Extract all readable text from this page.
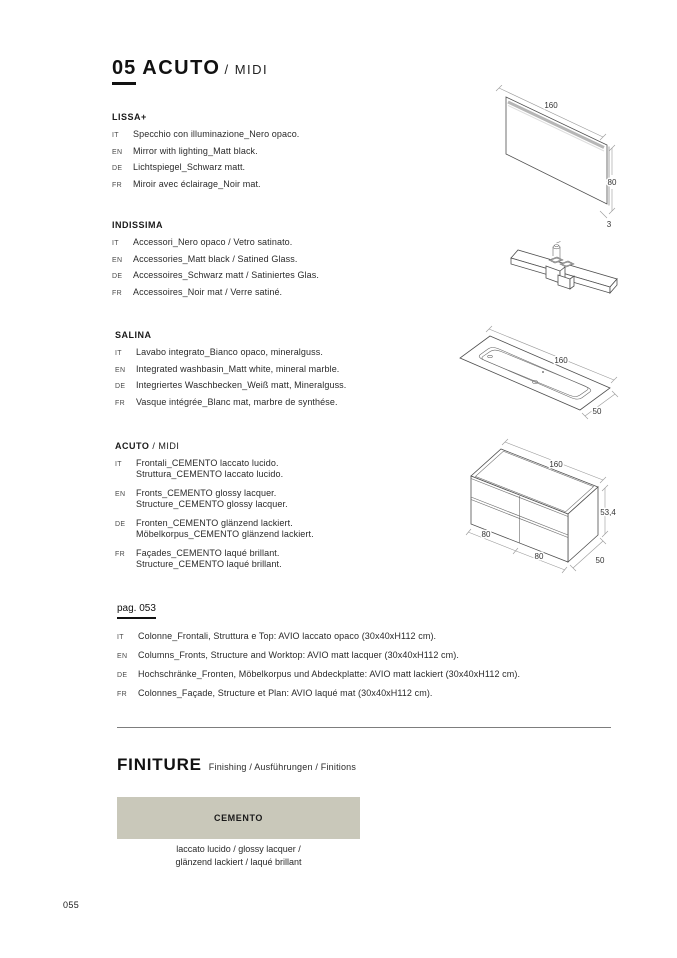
05 ACUTO / MIDI
LISSA+
IT	Specchio con illuminazione_Nero opaco.
EN	Mirror with lighting_Matt black.
DE	Lichtspiegel_Schwarz matt.
FR	Miroir avec éclairage_Noir mat.
160
80
3
INDISSIMA
IT	Accessori_Nero opaco / Vetro satinato.
EN	Accessories_Matt black / Satined Glass.
DE	Accessoires_Schwarz matt / Satiniertes Glas.
FR	Accessoires_Noir mat / Verre satiné.
SALINA
IT	Lavabo integrato_Bianco opaco, mineralguss.
EN	Integrated washbasin_Matt white, mineral marble.
DE	Integriertes Waschbecken_Weiß matt, Mineralguss.
FR	Vasque intégrée_Blanc mat, marbre de synthése.
160
50
ACUTO / MIDI
IT	Frontali_CEMENTO laccato lucido.
Struttura_CEMENTO laccato lucido.
EN	Fronts_CEMENTO glossy lacquer.
Structure_CEMENTO glossy lacquer.
DE	Fronten_CEMENTO glänzend lackiert.
Möbelkorpus_CEMENTO glänzend lackiert.
FR	Façades_CEMENTO laqué brillant.
Structure_CEMENTO laqué brillant.
160
80
80
53,4
50
pag. 053
IT	Colonne_Frontali, Struttura e Top: AVIO laccato opaco (30x40xH112 cm).
EN	Columns_Fronts, Structure and Worktop: AVIO matt lacquer (30x40xH112 cm).
DE	Hochschränke_Fronten, Möbelkorpus und Abdeckplatte: AVIO matt lackiert (30x40xH112 cm).
FR	Colonnes_Façade, Structure et Plan: AVIO laqué mat (30x40xH112 cm).
FINITURE Finishing / Ausführungen / Finitions
CEMENTO
laccato lucido / glossy lacquer /
glänzend lackiert / laqué brillant
055
